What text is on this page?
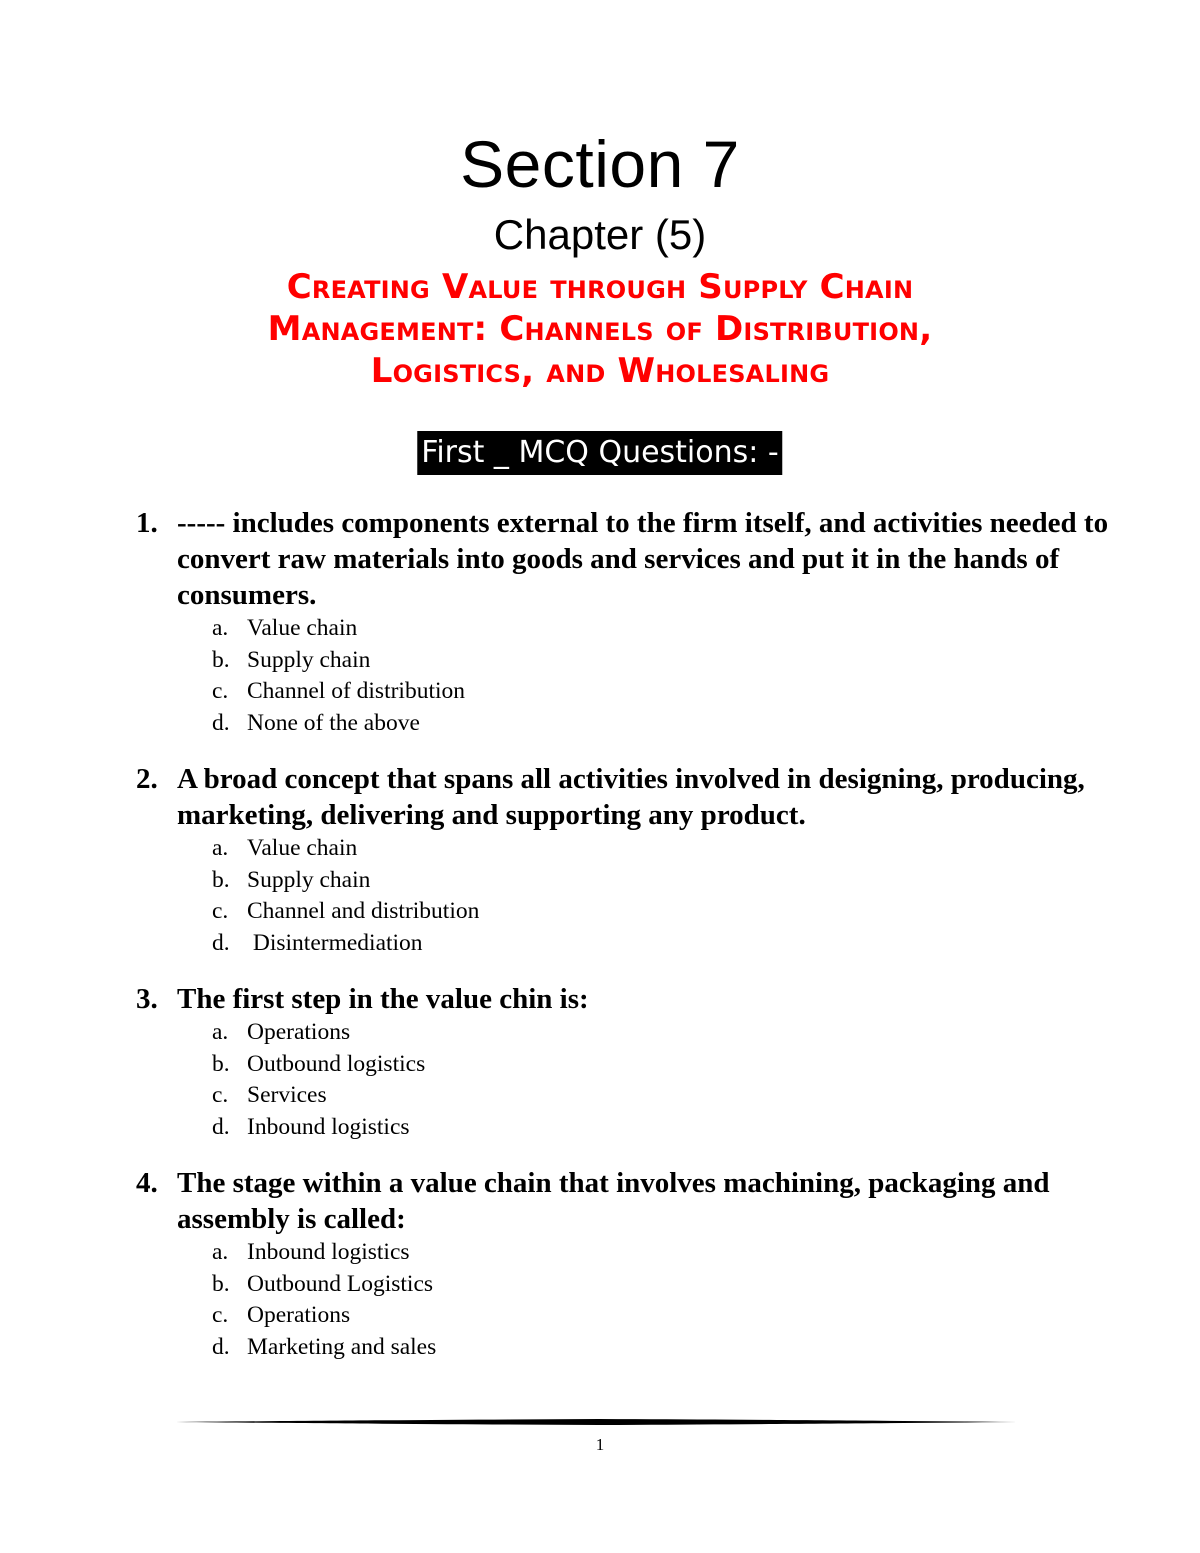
Section 7
Chapter (5)
Creating Value through Supply Chain
Management: Channels of Distribution,
Logistics, and Wholesaling
First _ MCQ Questions: -
1. ----- includes components external to the firm itself, and activities needed to convert raw materials into goods and services and put it in the hands of consumers.
a. Value chain
b. Supply chain
c. Channel of distribution
d. None of the above
2. A broad concept that spans all activities involved in designing, producing, marketing, delivering and supporting any product.
a. Value chain
b. Supply chain
c. Channel and distribution
d. Disintermediation
3. The first step in the value chin is:
a. Operations
b. Outbound logistics
c. Services
d. Inbound logistics
4. The stage within a value chain that involves machining, packaging and assembly is called:
a. Inbound logistics
b. Outbound Logistics
c. Operations
d. Marketing and sales
1
